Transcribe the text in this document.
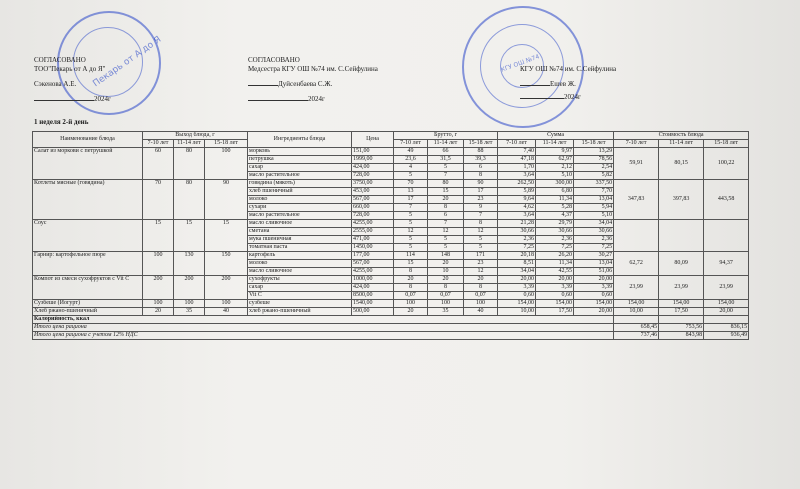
Пекарь от А до Я	КГУ ОШ №74
СОГЛАСОВАНО
ТОО"Пекарь от А до Я"
Сэкенова А.Е.
2024г
СОГЛАСОВАНО
Медсестра КГУ ОШ №74 им. С.Сейфулина
Дуйсенбаева С.Ж.
2024г
КГУ ОШ №74 им. С.Сейфулина
Ешев Ж.
2024г
1 неделя 2-й день
Наименование блюда	Выход блюда, г			Ингредиенты блюда	Цена	Брутто, г			Сумма			Стоимость блюда		
	7-10 лет	11-14 лет	15-18 лет			7-10 лет	11-14 лет	15-18 лет	7-10 лет	11-14 лет	15-18 лет	7-10 лет	11-14 лет	15-18 лет
Салат из моркови с петрушкой	60	80	100	морковь	151,00	49	66	88	7,40	9,97	13,29	59,91	80,15	100,22
				петрушка	1999,00	23,6	31,5	39,3	47,18	62,97	78,56			
				сахар	424,00	4	5	6	1,70	2,12	2,54			
				масло растительное	728,00	5	7	8	3,64	5,10	5,82			
Котлеты мясные (говядина)	70	80	90	говядина (мякоть)	3750,00	70	80	90	262,50	300,00	337,50	347,83	397,83	443,58
				хлеб пшеничный	453,00	13	15	17	5,89	6,80	7,70			
				молоко	567,00	17	20	23	9,64	11,34	13,04			
				сухари	660,00	7	8	9	4,62	5,28	5,94			
				масло растительное	728,00	5	6	7	3,64	4,37	5,10			
Соус	15	15	15	масло сливочное	4255,00	5	7	8	21,28	29,79	34,04			
				сметана	2555,00	12	12	12	30,66	30,66	30,66			
				мука пшеничная	471,00	5	5	5	2,36	2,36	2,36			
				томатная паста	1450,00	5	5	5	7,25	7,25	7,25			
Гарнир: картофельное пюре	100	130	150	картофель	177,00	114	148	171	20,18	26,20	30,27	62,72	80,09	94,37
				молоко	567,00	15	20	23	8,51	11,34	13,04			
				масло сливочное	4255,00	8	10	12	34,04	42,55	51,06			
Компот из смеси сухофруктов с Vit C	200	200	200	сухофрукты	1000,00	20	20	20	20,00	20,00	20,00	23,99	23,99	23,99
				сахар	424,00	8	8	8	3,39	3,39	3,39			
				Vit C	8500,00	0,07	0,07	0,07	0,60	0,60	0,60			
Сузбеше (Йогурт)	100	100	100	сузбеше	1540,00	100	100	100	154,00	154,00	154,00	154,00	154,00	154,00
Хлеб ржано-пшеничный	20	35	40	хлеб ржано-пшеничный	500,00	20	35	40	10,00	17,50	20,00	10,00	17,50	20,00
Калорийность, ккал														
Итого цена рациона												658,45	753,56	836,15
Итого цена рациона с учетом 12% НДС												737,46	843,98	936,49
